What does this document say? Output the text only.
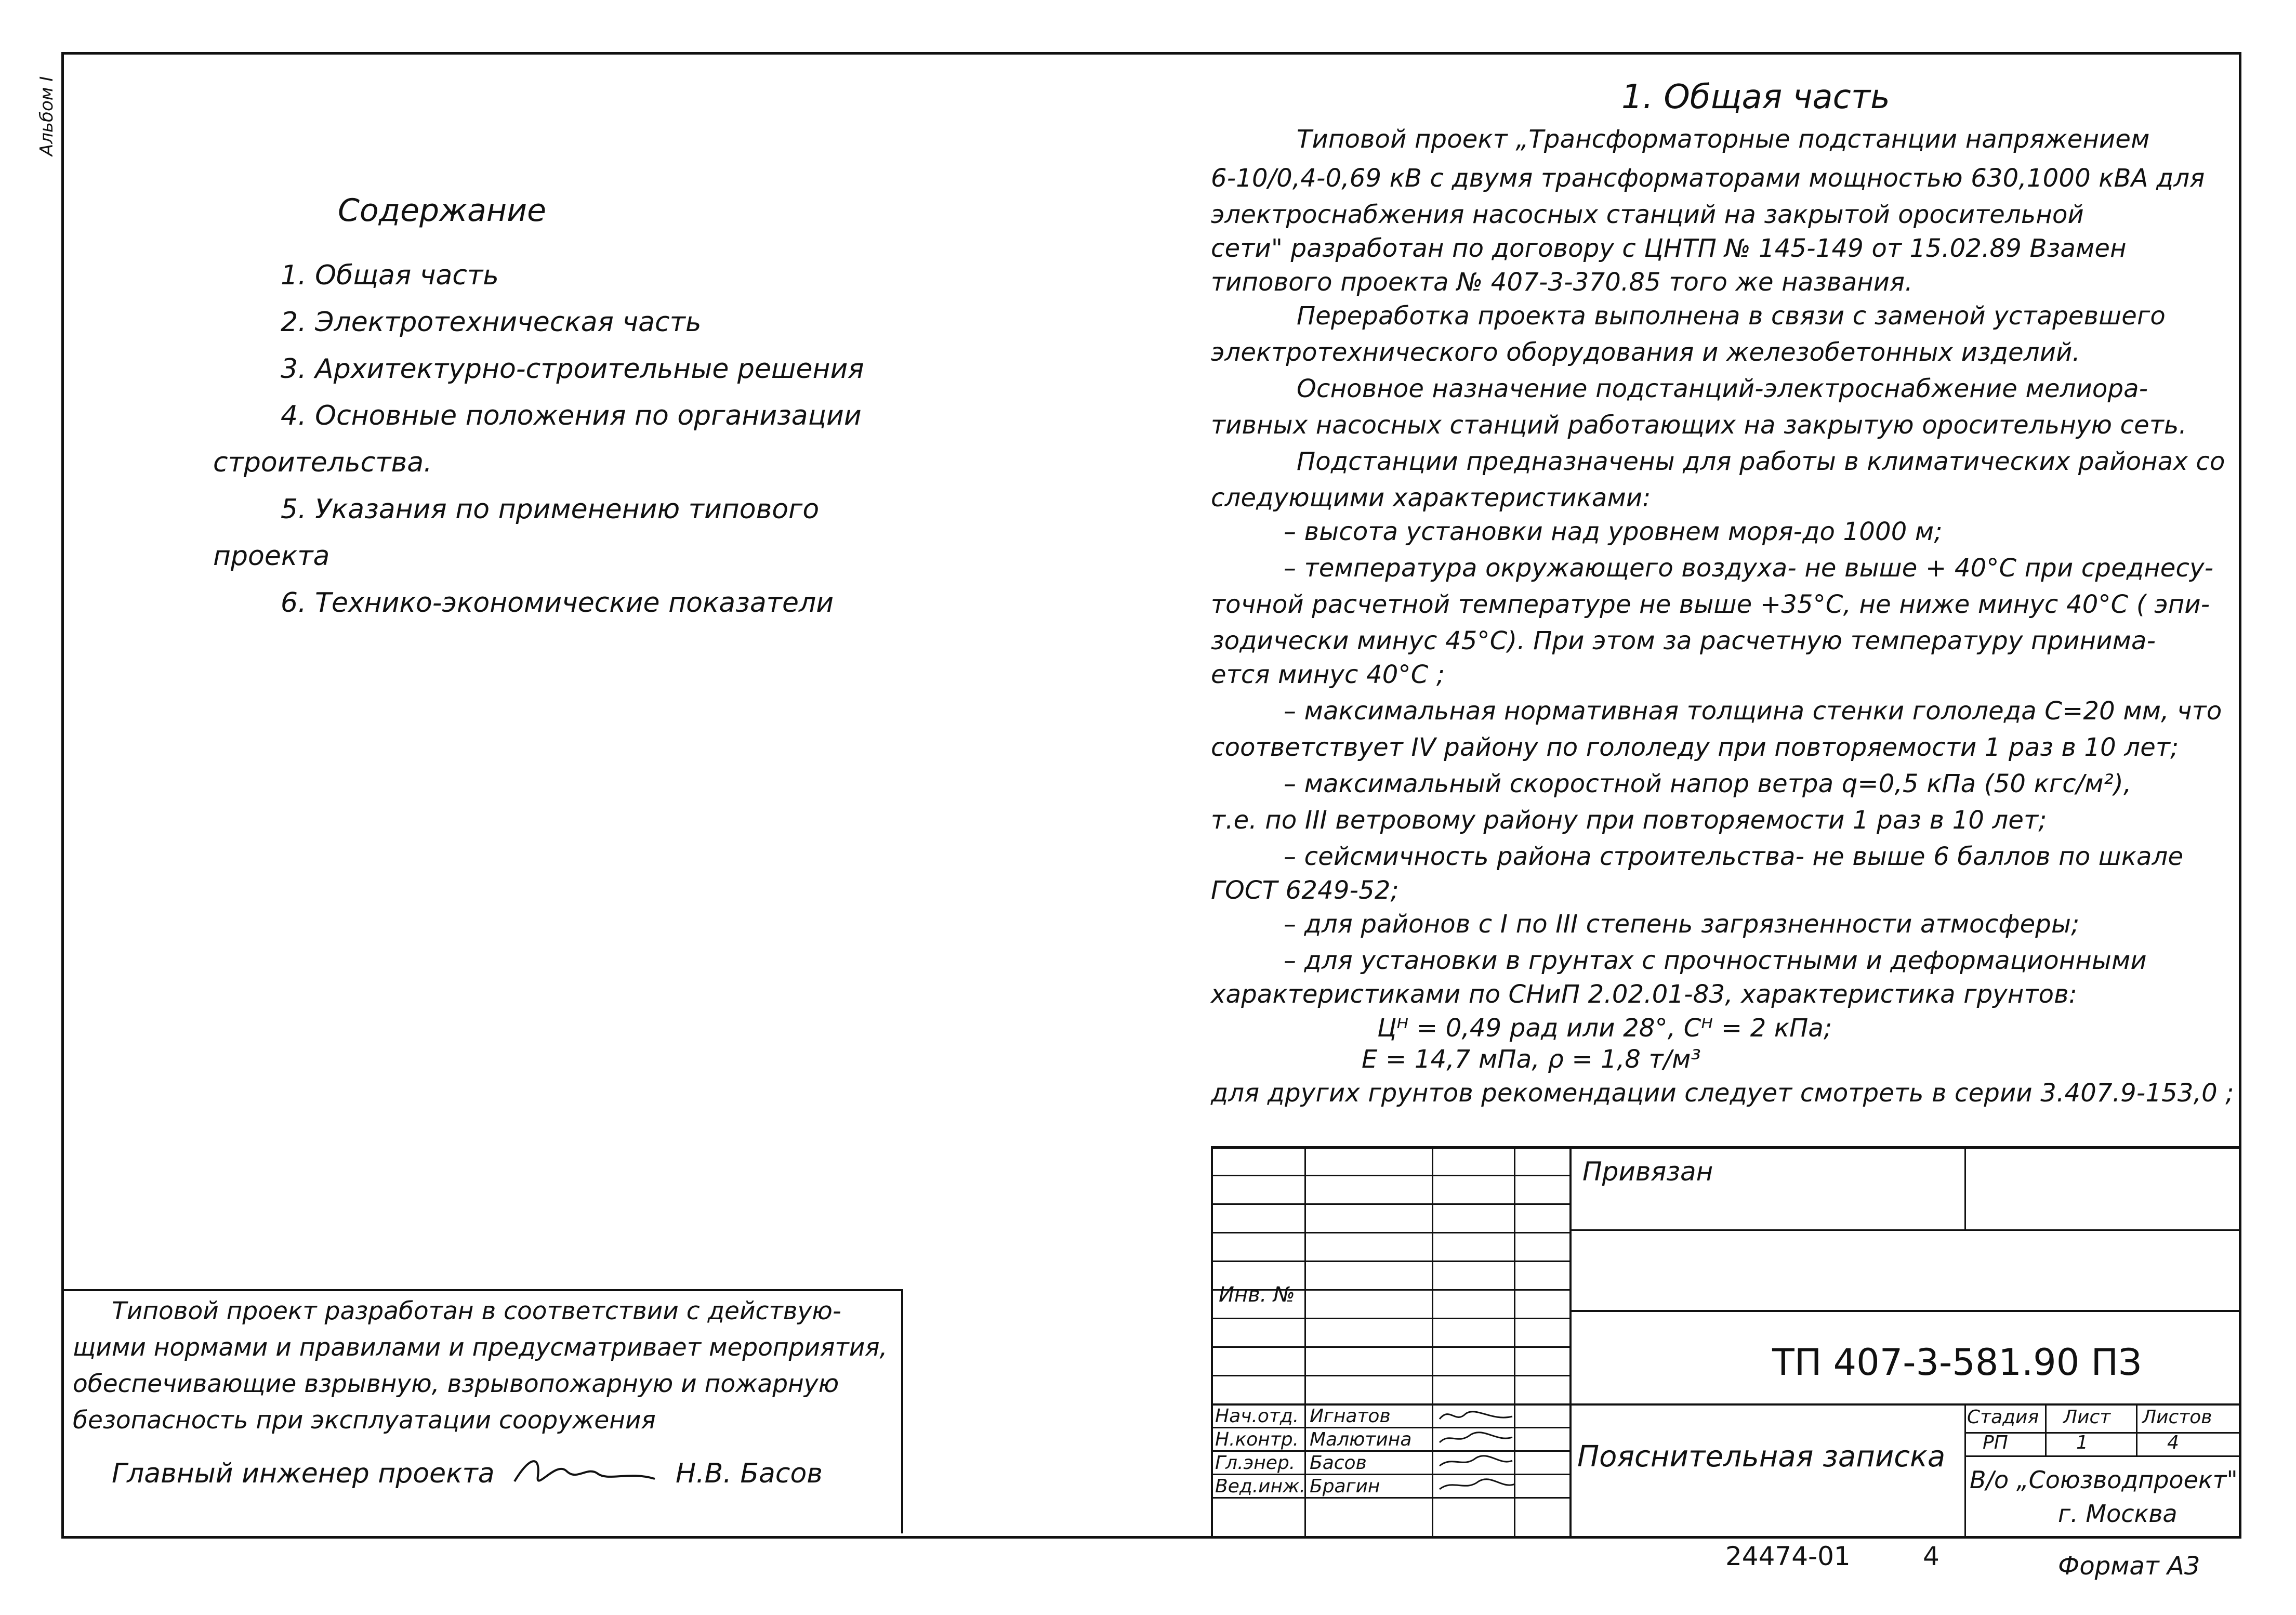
Альбом I
Содержание
1. Общая часть
2. Электротехническая часть
3. Архитектурно-строительные решения
4. Основные положения по организации
строительства.
5. Указания по применению типового
проекта
6. Технико-экономические показатели
Типовой проект разработан в соответствии с действую-
щими нормами и правилами и предусматривает мероприятия,
обеспечивающие взрывную, взрывопожарную и пожарную
безопасность при эксплуатации сооружения
Главный инженер проекта	Н.В. Басов
1. Общая часть
Типовой проект „Трансформаторные подстанции напряжением
6-10/0,4-0,69 кВ с двумя трансформаторами мощностью 630,1000 кВА для
электроснабжения насосных станций на закрытой оросительной
сети" разработан по договору с ЦНТП № 145-149 от 15.02.89 Взамен
типового проекта № 407-3-370.85 того же названия.
Переработка проекта выполнена в связи с заменой устаревшего
электротехнического оборудования и железобетонных изделий.
Основное назначение подстанций-электроснабжение мелиора-
тивных насосных станций работающих на закрытую оросительную сеть.
Подстанции предназначены для работы в климатических районах со
следующими характеристиками:
– высота установки над уровнем моря-до 1000 м;
– температура окружающего воздуха- не выше + 40°С при среднесу-
точной расчетной температуре не выше +35°С, не ниже минус 40°С ( эпи-
зодически минус 45°С). При этом за расчетную температуру принима-
ется минус 40°С ;
– максимальная нормативная толщина стенки гололеда С=20 мм, что
соответствует IV району по гололеду при повторяемости 1 раз в 10 лет;
– максимальный скоростной напор ветра q=0,5 кПа (50 кгс/м²),
т.е. по III ветровому району при повторяемости 1 раз в 10 лет;
– сейсмичность района строительства- не выше 6 баллов по шкале
ГОСТ 6249-52;
– для районов с I по III степень загрязненности атмосферы;
– для установки в грунтах с прочностными и деформационными
характеристиками по СНиП 2.02.01-83, характеристика грунтов:
Цᴴ = 0,49 рад или 28°, Сᴴ = 2 кПа;
Е = 14,7 мПа, ρ = 1,8 т/м³
для других грунтов рекомендации следует смотреть в серии 3.407.9-153,0 ;
Привязан
Инв. №
ТП 407-3-581.90 ПЗ
Пояснительная записка
Стадия Лист Листов
РП	1	4
В/о „Союзводпроект"
г. Москва
Нач.отд. Игнатов
Н.контр. Малютина
Гл.энер. Басов
Вед.инж. Брагин
24474-01	4	Формат А3
